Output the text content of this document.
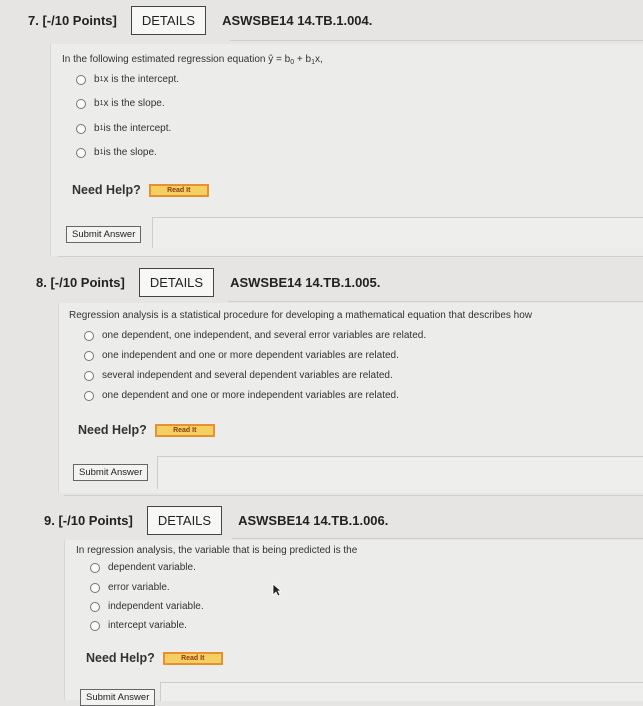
7. [-/10 Points]	DETAILS	ASWSBE14 14.TB.1.004.
In the following estimated regression equation ŷ = $b_0 + b_1x$,
b 1 x is the intercept.
b 1 x is the slope.
b 1 is the intercept.
b 1 is the slope.
Need Help?	Read It
Submit Answer
8. [-/10 Points]	DETAILS	ASWSBE14 14.TB.1.005.
Regression analysis is a statistical procedure for developing a mathematical equation that describes how
one dependent, one independent, and several error variables are related.
one independent and one or more dependent variables are related.
several independent and several dependent variables are related.
one dependent and one or more independent variables are related.
Need Help?	Read It
Submit Answer
9. [-/10 Points]	DETAILS	ASWSBE14 14.TB.1.006.
In regression analysis, the variable that is being predicted is the
dependent variable.
error variable.
independent variable.
intercept variable.
Need Help?	Read It
Submit Answer
